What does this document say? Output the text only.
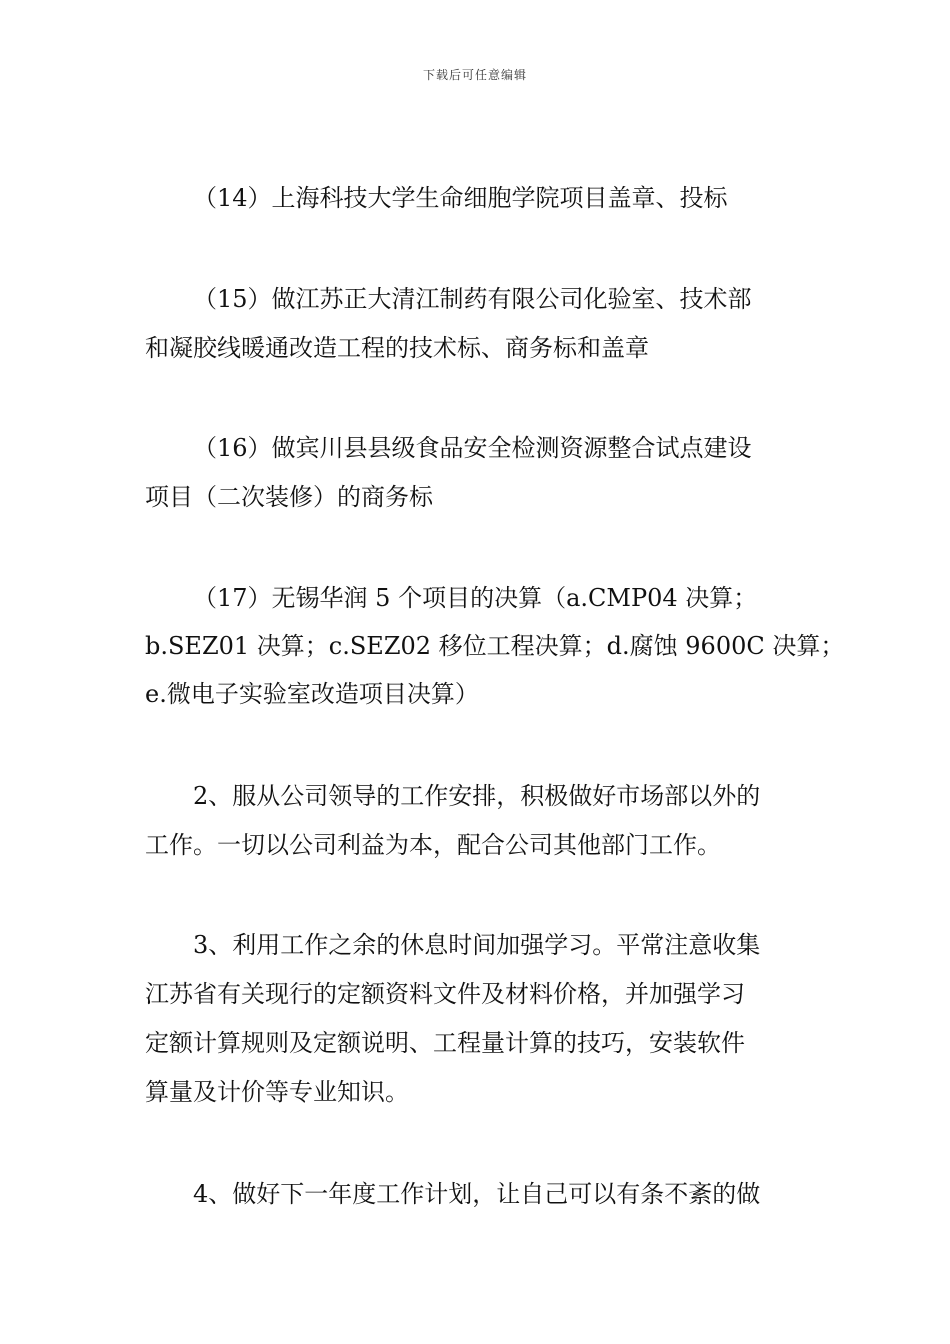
下载后可任意编辑
（14）上海科技大学生命细胞学院项目盖章、投标
（15）做江苏正大清江制药有限公司化验室、技术部
和凝胶线暖通改造工程的技术标、商务标和盖章
（16）做宾川县县级食品安全检测资源整合试点建设
项目（二次装修）的商务标
（17）无锡华润 5 个项目的决算（a.CMP04 决算；
b.SEZ01 决算；c.SEZ02 移位工程决算；d.腐蚀 9600C 决算；
e.微电子实验室改造项目决算）
2、服从公司领导的工作安排，积极做好市场部以外的
工作。一切以公司利益为本，配合公司其他部门工作。
3、利用工作之余的休息时间加强学习。平常注意收集
江苏省有关现行的定额资料文件及材料价格，并加强学习
定额计算规则及定额说明、工程量计算的技巧，安装软件
算量及计价等专业知识。
4、做好下一年度工作计划，让自己可以有条不紊的做
